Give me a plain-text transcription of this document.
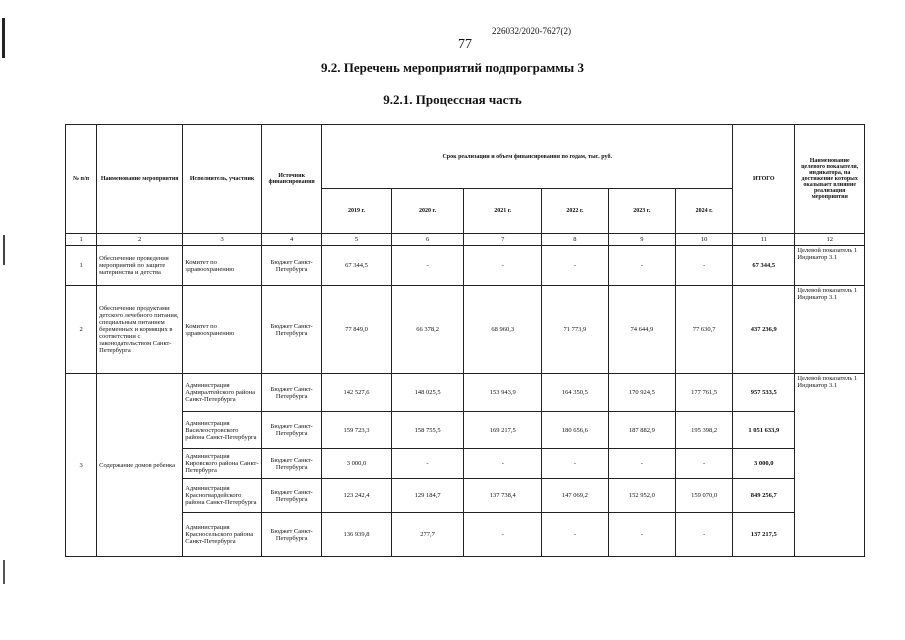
226032/2020-7627(2)
77
9.2. Перечень мероприятий подпрограммы 3
9.2.1. Процессная часть
№ п/п	Наименование мероприятия	Исполнитель, участник	Источник финансирования	Срок реализации и объем финансирования по годам, тыс. руб.						ИТОГО	Наименование целевого показателя, индикатора, на достижение которых оказывает влияние реализация мероприятия
				2019 г.	2020 г.	2021 г.	2022 г.	2023 г.	2024 г.		
1	2	3	4	5	6	7	8	9	10	11	12
1	Обеспечение проведения мероприятий по защите материнства и детства	Комитет по здравоохранению	Бюджет Санкт-Петербурга	67 344,5	-	-	-	-	-	67 344,5	Целевой показатель 1 Индикатор 3.1
2	Обеспечение продуктами детского лечебного питания, специальным питанием беременных и кормящих в соответствии с законодательством Санкт-Петербурга	Комитет по здравоохранению	Бюджет Санкт-Петербурга	77 849,0	66 378,2	68 960,3	71 773,9	74 644,9	77 630,7	437 236,9	Целевой показатель 1 Индикатор 3.1
3	Содержание домов ребенка	Администрация Адмиралтейского района Санкт-Петербурга	Бюджет Санкт-Петербурга	142 527,6	148 025,5	153 943,9	164 350,5	170 924,5	177 761,5	957 533,5	Целевой показатель 1 Индикатор 3.1
		Администрация Василеостровского района Санкт-Петербурга	Бюджет Санкт-Петербурга	159 723,3	158 755,5	169 217,5	180 656,6	187 882,9	195 398,2	1 051 633,9	
		Администрация Кировского района Санкт-Петербурга	Бюджет Санкт-Петербурга	3 000,0	-	-	-	-	-	3 000,0	
		Администрация Красногвардейского района Санкт-Петербурга	Бюджет Санкт-Петербурга	123 242,4	129 184,7	137 738,4	147 069,2	152 952,0	159 070,0	849 256,7	
		Администрация Красносельского района Санкт-Петербурга	Бюджет Санкт-Петербурга	136 939,8	277,7	-	-	-	-	137 217,5	
